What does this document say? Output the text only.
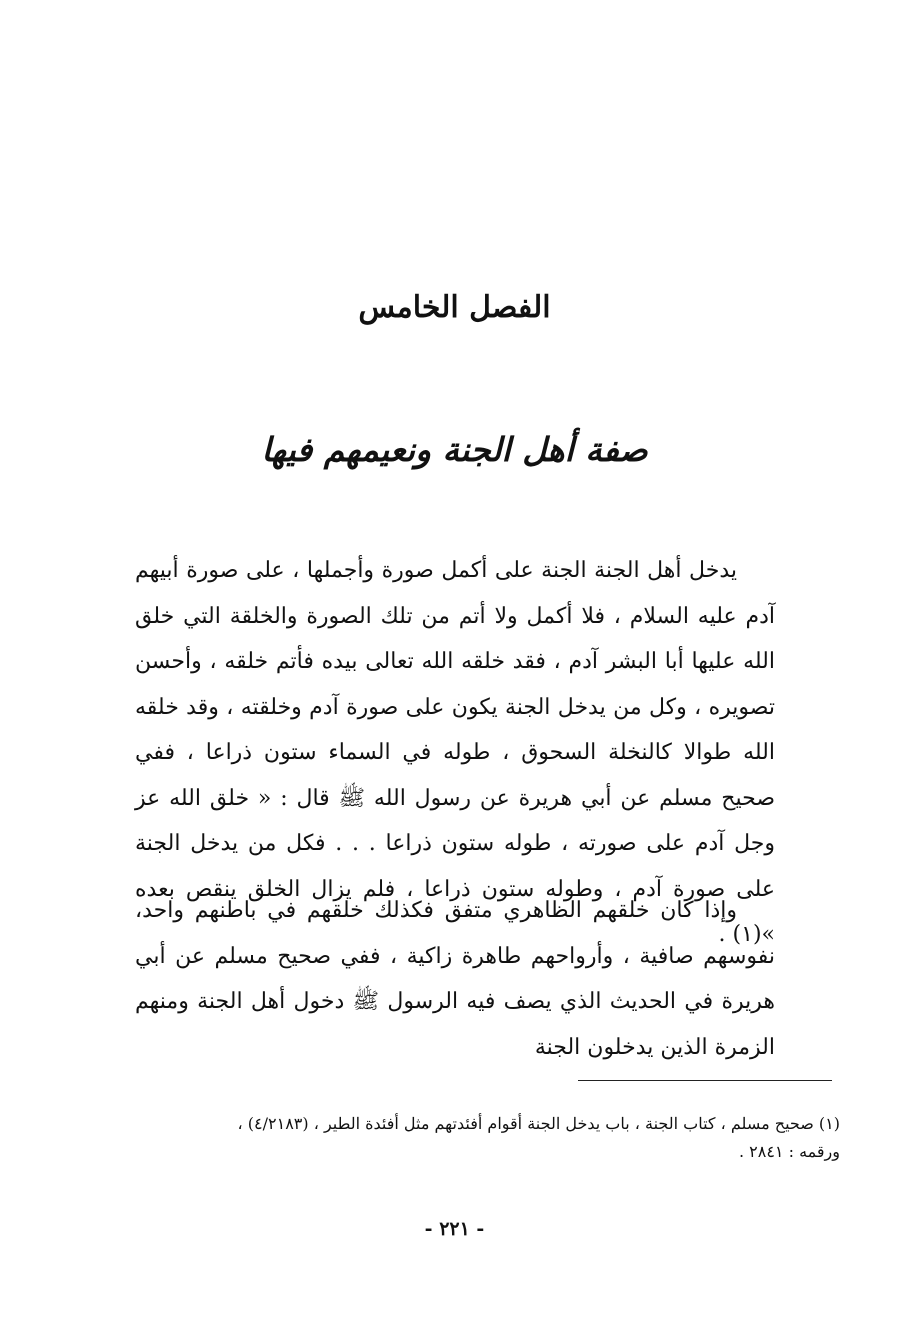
الفصل الخامس
صفة أهل الجنة ونعيمهم فيها

يدخل أهل الجنة الجنة على أكمل صورة وأجملها ، على صورة أبيهم آدم عليه السلام ، فلا أكمل ولا أتم من تلك الصورة والخلقة التي خلق الله عليها أبا البشر آدم ، فقد خلقه الله تعالى بيده فأتم خلقه ، وأحسن تصويره ، وكل من يدخل الجنة يكون على صورة آدم وخلقته ، وقد خلقه الله طوالا كالنخلة السحوق ، طوله في السماء ستون ذراعا ، ففي صحيح مسلم عن أبي هريرة عن رسول الله ﷺ قال : « خلق الله عز وجل آدم على صورته ، طوله ستون ذراعا . . . فكل من يدخل الجنة على صورة آدم ، وطوله ستون ذراعا ، فلم يزال الخلق ينقص بعده »(١) .

وإذا كان خلقهم الظاهري متفق فكذلك خلقهم في باطنهم واحد، نفوسهم صافية ، وأرواحهم طاهرة زاكية ، ففي صحيح مسلم عن أبي هريرة في الحديث الذي يصف فيه الرسول ﷺ دخول أهل الجنة ومنهم الزمرة الذين يدخلون الجنة

(١) صحيح مسلم ، كتاب الجنة ، باب يدخل الجنة أقوام أفئدتهم مثل أفئدة الطير ، (٤/٢١٨٣) ،
ورقمه : ٢٨٤١ .
- ٢٢١ -
